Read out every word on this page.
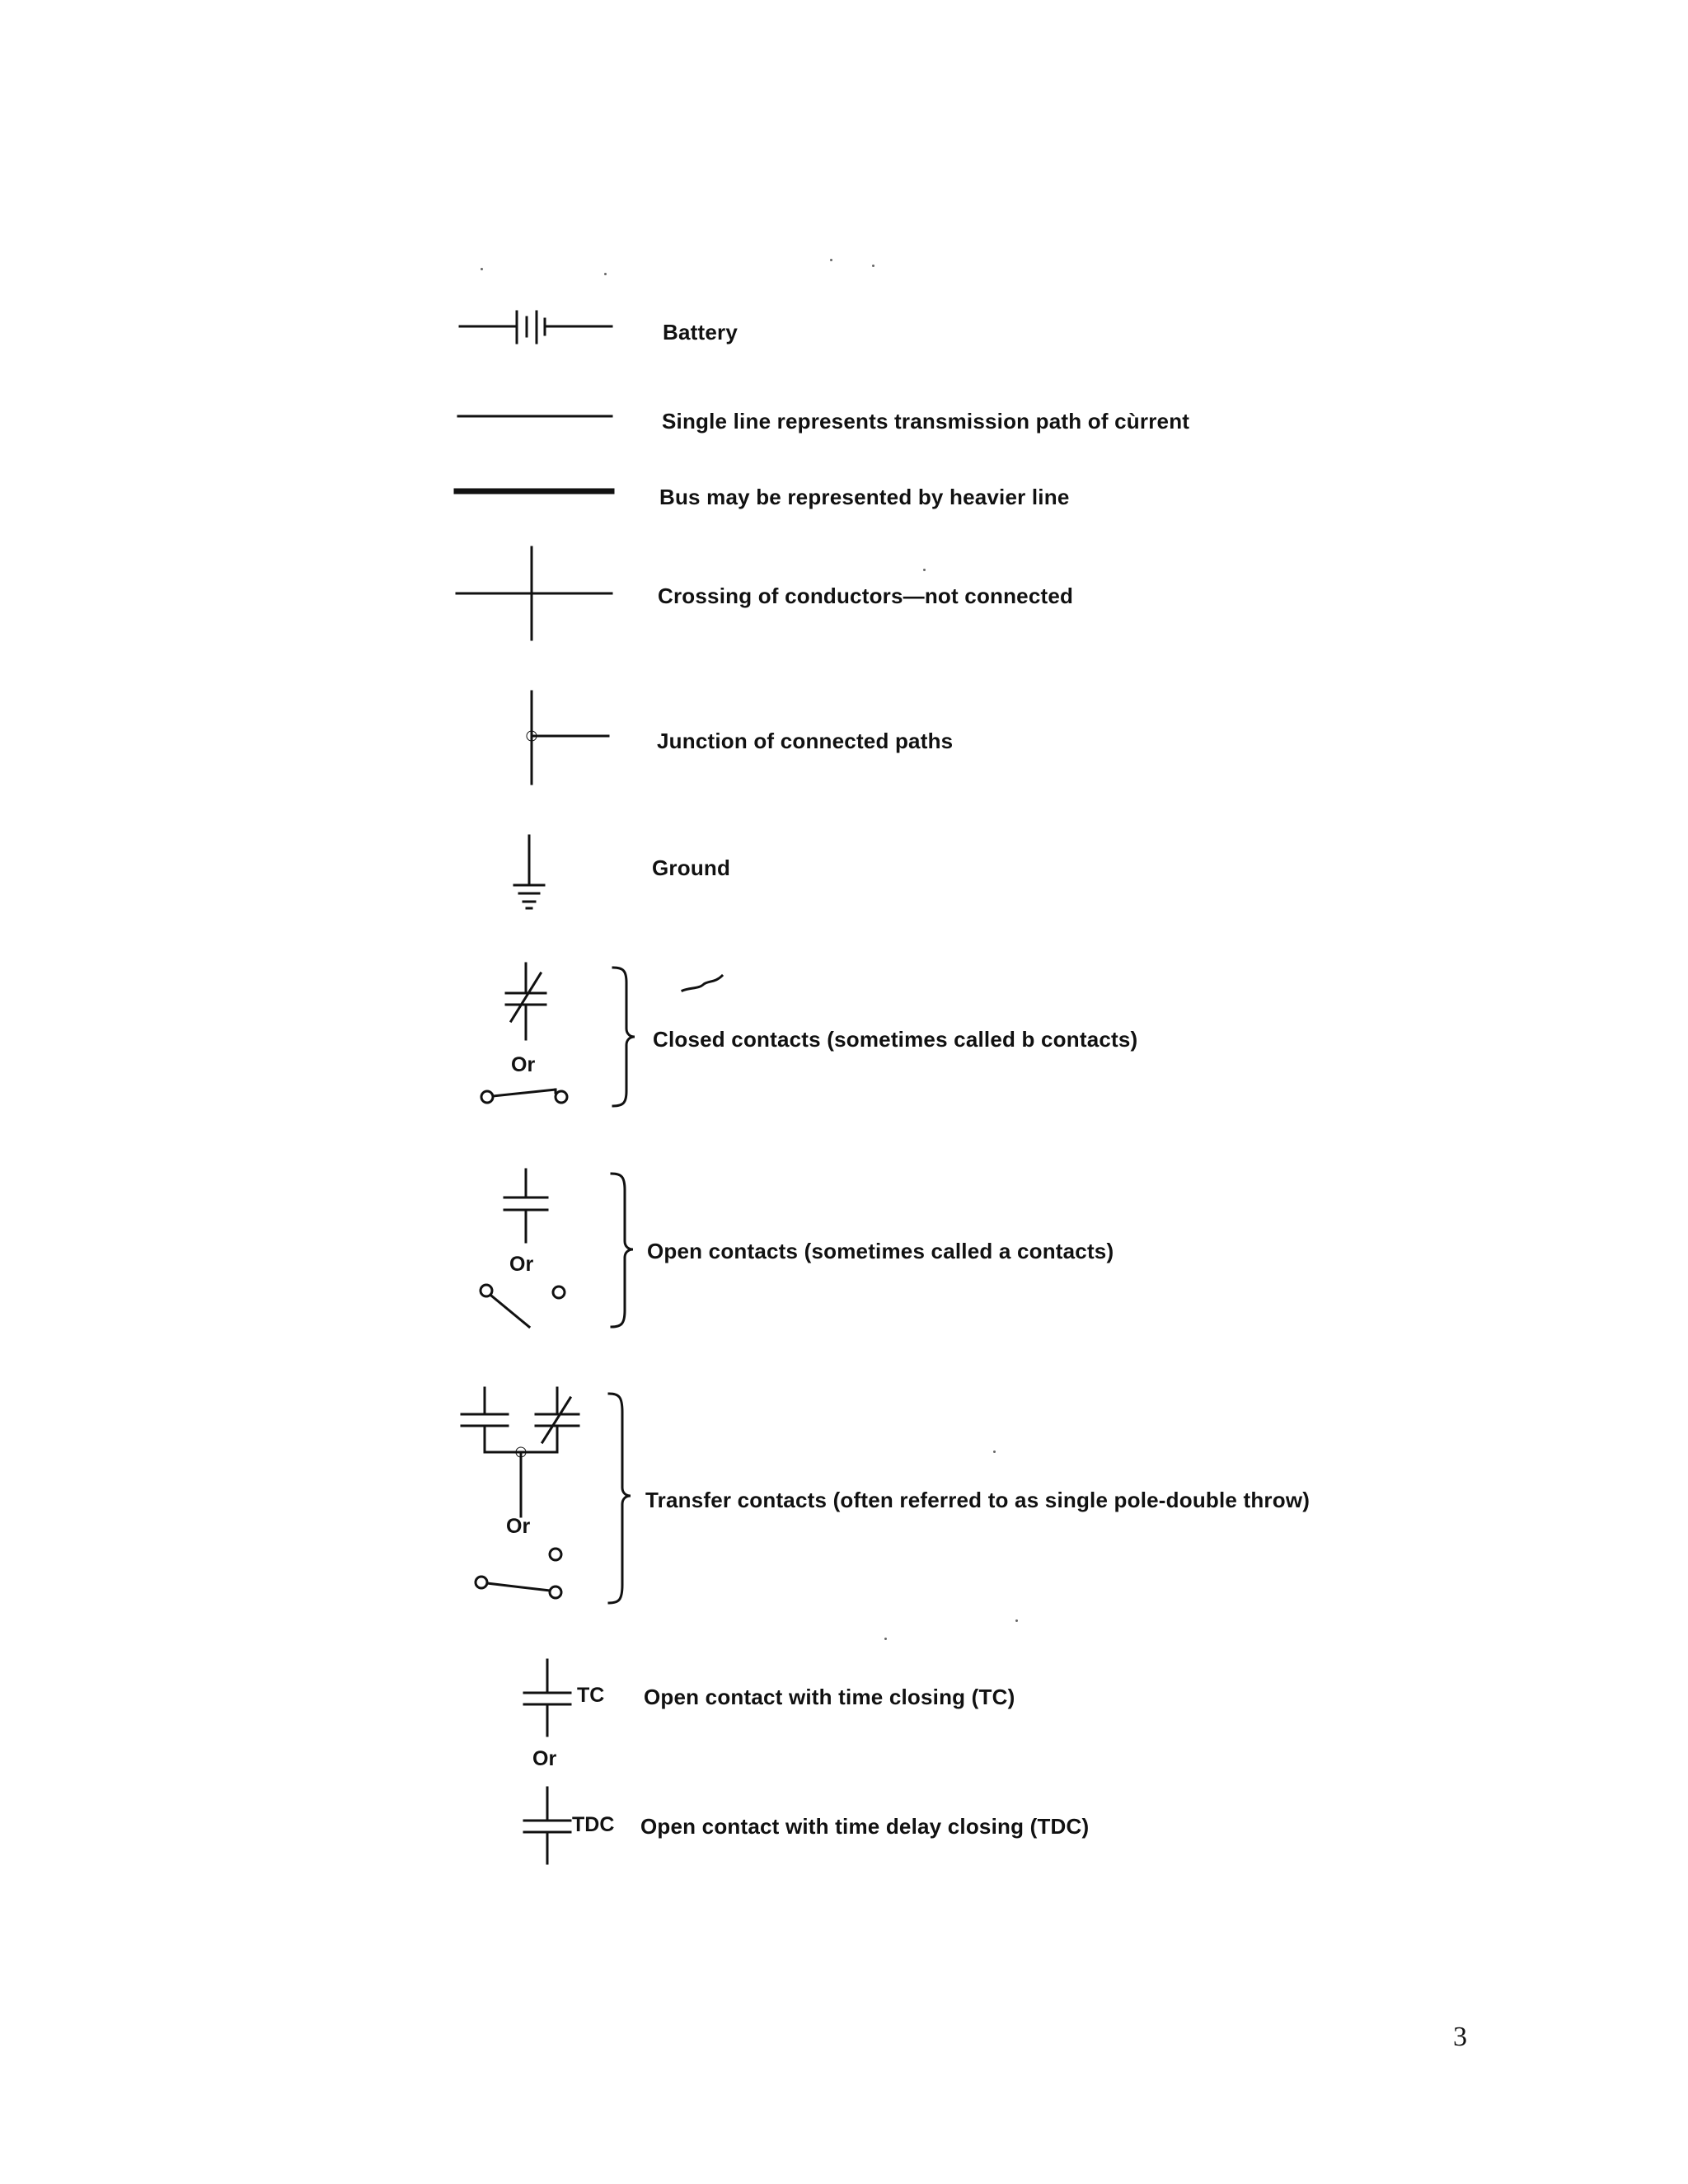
Battery
Single line represents transmission path of cùrrent
Bus may be represented by heavier line
Crossing of conductors—not connected
Junction of connected paths
Ground
Or
Closed contacts (sometimes called b contacts)
Or
Open contacts (sometimes called a contacts)
Or
Transfer contacts (often referred to as single pole-double throw)
TC Open contact with time closing (TC)
Or
TDC Open contact with time delay closing (TDC)
3
